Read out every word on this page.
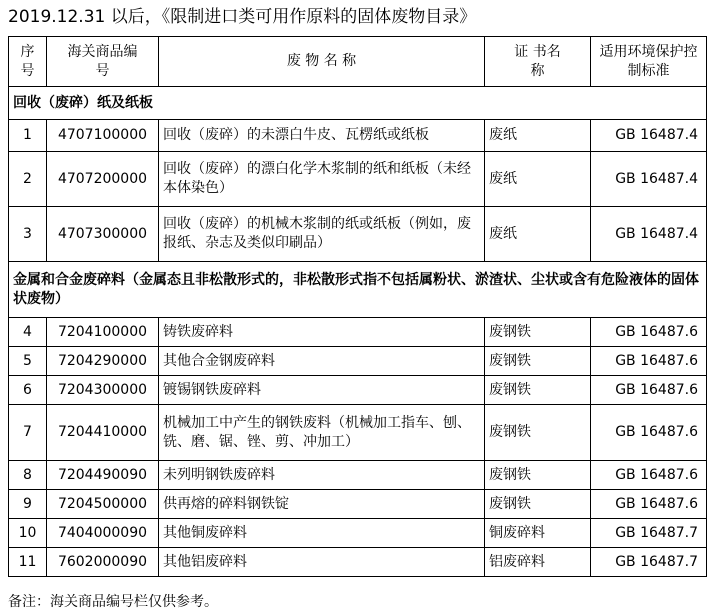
2019.12.31 以后，《限制进口类可用作原料的固体废物目录》
序号	海关商品编号	废 物 名 称	证 书名 称	适用环境保护控制标准
回收（废碎）纸及纸板				
1	4707100000	回收（废碎）的未漂白牛皮、瓦楞纸或纸板	废纸	GB 16487.4
2	4707200000	回收（废碎）的漂白化学木浆制的纸和纸板（未经本体染色）	废纸	GB 16487.4
3	4707300000	回收（废碎）的机械木浆制的纸或纸板（例如，废报纸、杂志及类似印刷品）	废纸	GB 16487.4
金属和合金废碎料（金属态且非松散形式的，非松散形式指不包括属粉状、淤渣状、尘状或含有危险液体的固体状废物）				
4	7204100000	铸铁废碎料	废钢铁	GB 16487.6
5	7204290000	其他合金钢废碎料	废钢铁	GB 16487.6
6	7204300000	镀锡钢铁废碎料	废钢铁	GB 16487.6
7	7204410000	机械加工中产生的钢铁废料（机械加工指车、刨、铣、磨、锯、锉、剪、冲加工）	废钢铁	GB 16487.6
8	7204490090	未列明钢铁废碎料	废钢铁	GB 16487.6
9	7204500000	供再熔的碎料钢铁锭	废钢铁	GB 16487.6
10	7404000090	其他铜废碎料	铜废碎料	GB 16487.7
11	7602000090	其他铝废碎料	铝废碎料	GB 16487.7
备注：海关商品编号栏仅供参考。
